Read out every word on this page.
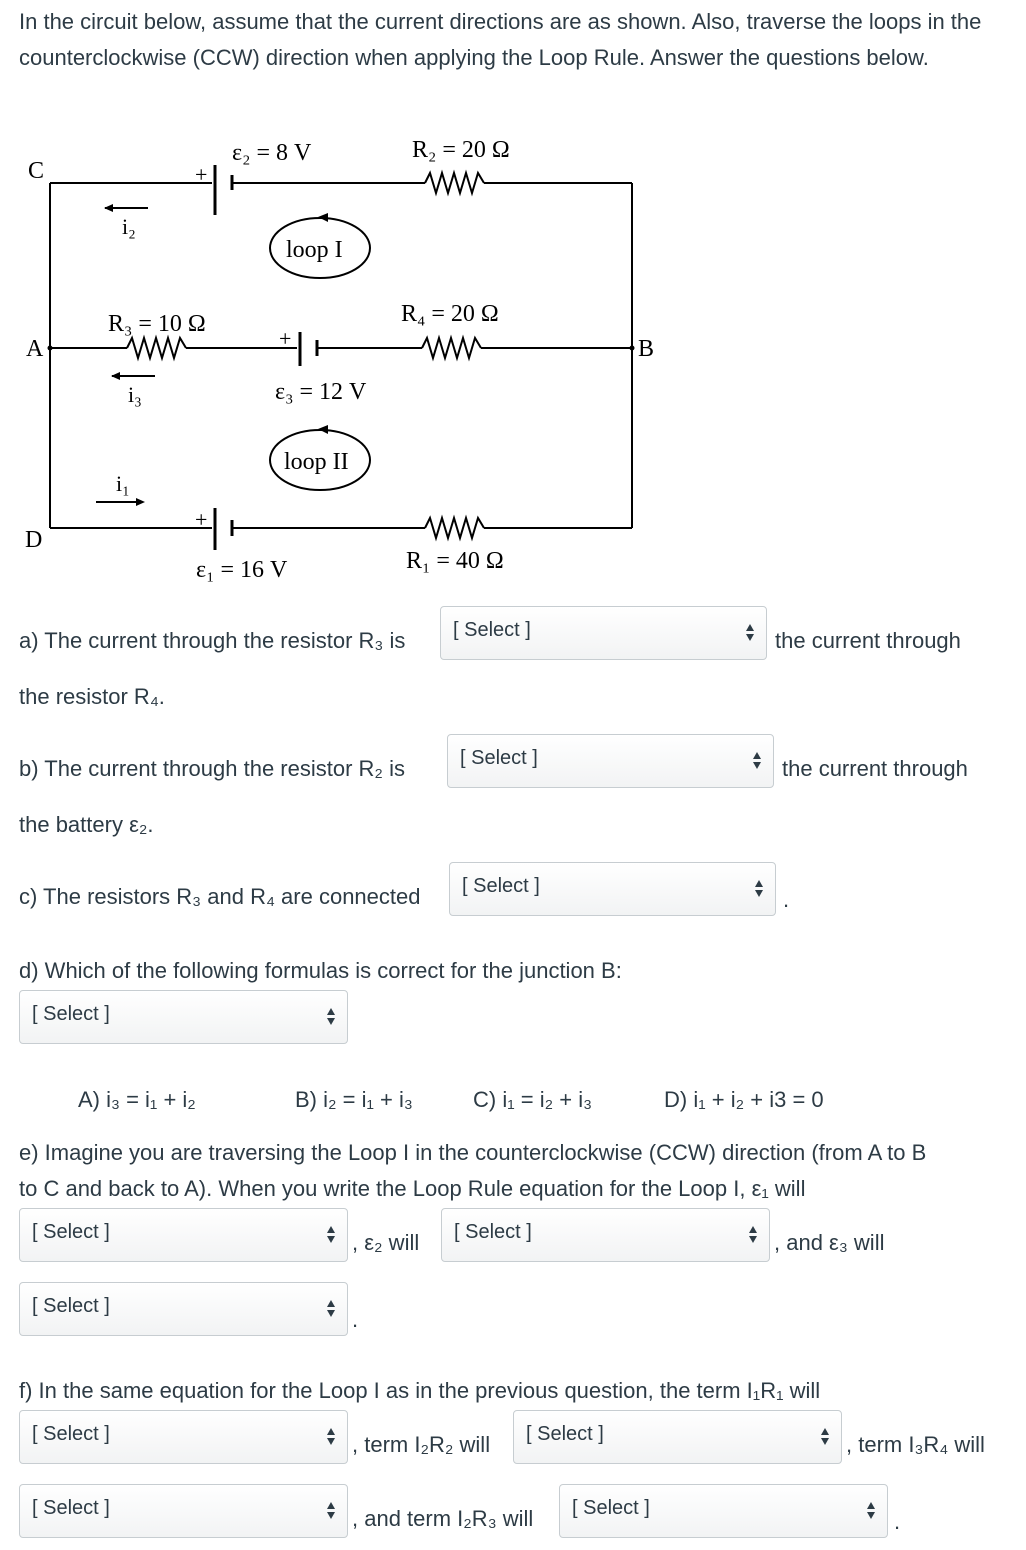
In the circuit below, assume that the current directions are as shown. Also, traverse the loops in the counterclockwise (CCW) direction when applying the Loop Rule. Answer the questions below.
C
A	B
D
ε₂ = 8 V	R₂ = 20 Ω
R₃ = 10 Ω	R₄ = 20 Ω
ε₃ = 12 V
ε₁ = 16 V	R₁ = 40 Ω
loop I
loop II
i₂
i₃
i₁
+
+
+
a) The current through the resistor R₃ is [ Select ]	the current through
the resistor R₄.
b) The current through the resistor R₂ is	[ Select ]	the current through
the battery ε₂.
c) The resistors R₃ and R₄ are connected [ Select ]
.
d) Which of the following formulas is correct for the junction B:
[ Select ]
A) i₃ = i₁ + i₂	B) i₂ = i₁ + i₃	C) i₁ = i₂ + i₃	D) i₁ + i₂ + i3 = 0
e) Imagine you are traversing the Loop I in the counterclockwise (CCW) direction (from A to B
to C and back to A). When you write the Loop Rule equation for the Loop I, ε₁ will
[ Select ]	, ε₂ will [ Select ]	, and ε₃ will
[ Select ]
.
f) In the same equation for the Loop I as in the previous question, the term I₁R₁ will
[ Select ]	, term I₂R₂ will [ Select ]	, term I₃R₄ will
[ Select ]	, and term I₂R₃ will [ Select ]
.
